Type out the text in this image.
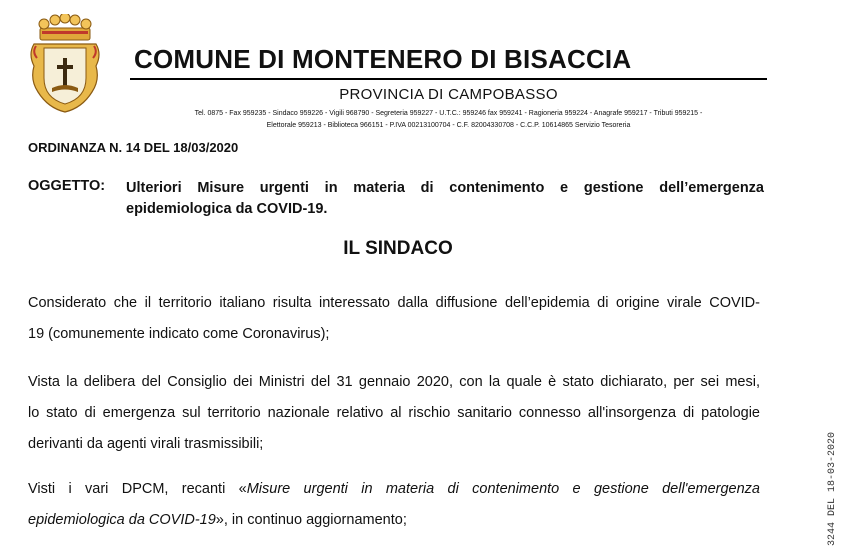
COMUNE DI MONTENERO DI BISACCIA
PROVINCIA DI CAMPOBASSO
Tel. 0875 - Fax 959235 - Sindaco 959226 - Vigili 968790 - Segreteria 959227 - U.T.C.: 959246 fax 959241 - Ragioneria 959224 - Anagrafe 959217 - Tributi 959215 -
Elettorale 959213 - Biblioteca 966151 - P.IVA 00213100704 - C.F. 82004330708 - C.C.P. 10614865 Servizio Tesoreria
ORDINANZA N. 14 DEL 18/03/2020
OGGETTO: Ulteriori Misure urgenti in materia di contenimento e gestione dell’emergenza
epidemiologica da COVID-19.
IL SINDACO
Considerato che il territorio italiano risulta interessato dalla diffusione dell’epidemia di origine virale COVID-
19 (comunemente indicato come Coronavirus);
Vista la delibera del Consiglio dei Ministri del 31 gennaio 2020, con la quale è stato dichiarato, per sei mesi,
lo stato di emergenza sul territorio nazionale relativo al rischio sanitario connesso all'insorgenza di patologie
derivanti da agenti virali trasmissibili;
Visti i vari DPCM, recanti «Misure urgenti in materia di contenimento e gestione dell'emergenza
epidemiologica da COVID-19», in continuo aggiornamento;	3244 DEL 18-03-2020
